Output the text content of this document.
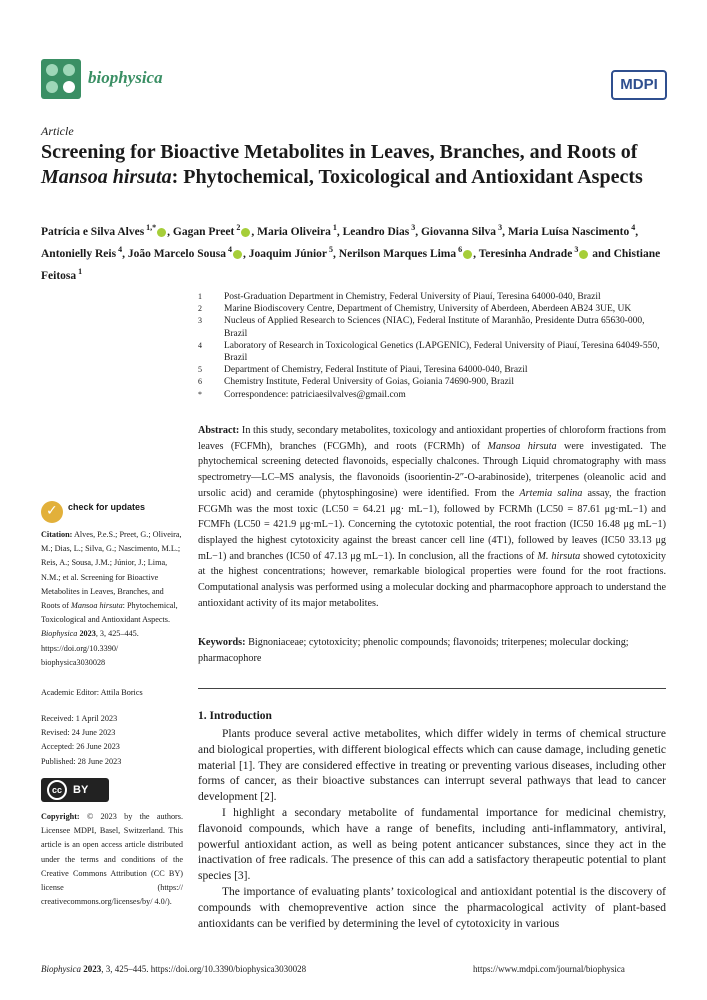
biophysica	MDPI
Article
Screening for Bioactive Metabolites in Leaves, Branches, and Roots of Mansoa hirsuta: Phytochemical, Toxicological and Antioxidant Aspects
Patrícia e Silva Alves $^{1,*}$ , Gagan Preet $^2$ , Maria Oliveira $^1$, Leandro Dias $^3$, Giovanna Silva $^3$, Maria Luísa Nascimento $^4$, Antonielly Reis $^4$, João Marcelo Sousa $^4$ , Joaquim Júnior $^5$, Nerilson Marques Lima $^6$ , Teresinha Andrade $^3$ and Chistiane Feitosa $^1$
1	Post-Graduation Department in Chemistry, Federal University of Piauí, Teresina 64000-040, Brazil
2	Marine Biodiscovery Centre, Department of Chemistry, University of Aberdeen, Aberdeen AB24 3UE, UK
3	Nucleus of Applied Research to Sciences (NIAC), Federal Institute of Maranhão, Presidente Dutra 65630-000, Brazil
4	Laboratory of Research in Toxicological Genetics (LAPGENIC), Federal University of Piauí, Teresina 64049-550, Brazil
5	Department of Chemistry, Federal Institute of Piaui, Teresina 64000-040, Brazil
6	Chemistry Institute, Federal University of Goias, Goiania 74690-900, Brazil
*	Correspondence: patriciaesilvalves@gmail.com
Abstract: In this study, secondary metabolites, toxicology and antioxidant properties of chloroform fractions from leaves (FCFMh), branches (FCGMh), and roots (FCRMh) of Mansoa hirsuta were investigated. The phytochemical screening detected flavonoids, especially chalcones. Through Liquid chromatography with mass spectrometry—LC–MS analysis, the flavonoids (isoorientin-2″-O-arabinoside), triterpenes (oleanolic acid and ursolic acid) and ceramide (phytosphingosine) were identified. From the Artemia salina assay, the fraction FCGMh was the most toxic (LC50 = 64.21 μg· mL−1), followed by FCRMh (LC50 = 87.61 μg·mL−1) and FCMFh (LC50 = 421.9 μg·mL−1). Concerning the cytotoxic potential, the root fraction (IC50 16.48 μg mL−1) displayed the highest cytotoxicity against the breast cancer cell line (4T1), followed by leaves (IC50 33.13 μg mL−1) and branches (IC50 of 47.13 μg mL−1). In conclusion, all the fractions of M. hirsuta showed cytotoxicity at the highest concentrations; however, remarkable biological properties were found for the root fractions. Computational analysis was performed using a molecular docking and pharmacophore approach to understand the antioxidant activity of its major metabolites.
Keywords: Bignoniaceae; cytotoxicity; phenolic compounds; flavonoids; triterpenes; molecular docking; pharmacophore
✓
check for updates
Citation: Alves, P.e.S.; Preet, G.; Oliveira, M.; Dias, L.; Silva, G.; Nascimento, M.L.; Reis, A.; Sousa, J.M.; Júnior, J.; Lima, N.M.; et al. Screening for Bioactive Metabolites in Leaves, Branches, and Roots of Mansoa hirsuta: Phytochemical, Toxicological and Antioxidant Aspects. Biophysica 2023, 3, 425–445. https://doi.org/10.3390/ biophysica3030028
Academic Editor: Attila Borics
Received: 1 April 2023
Revised: 24 June 2023
Accepted: 26 June 2023
Published: 28 June 2023
cc BY
Copyright: © 2023 by the authors. Licensee MDPI, Basel, Switzerland. This article is an open access article distributed under the terms and conditions of the Creative Commons Attribution (CC BY) license (https:// creativecommons.org/licenses/by/ 4.0/).
1. Introduction

Plants produce several active metabolites, which differ widely in terms of chemical structure and biological properties, with different biological effects which can cause damage, including genetic material [1]. They are considered effective in treating or preventing various diseases, including other forms of cancer, as their bioactive substances can interrupt several pathways that lead to cancer development [2].

I highlight a secondary metabolite of fundamental importance for medicinal chemistry, flavonoid compounds, which have a range of benefits, including anti-inflammatory, antiviral, powerful antioxidant action, as well as being potent anticancer substances, since they act in the inactivation of free radicals. The presence of this can add a satisfactory therapeutic potential to plant species [3].

The importance of evaluating plants’ toxicological and antioxidant potential is the discovery of compounds with chemopreventive action since the pharmacological activity of plant-based antioxidants can be verified by determining the level of cytotoxicity in various

Biophysica 2023, 3, 425–445. https://doi.org/10.3390/biophysica3030028	https://www.mdpi.com/journal/biophysica
